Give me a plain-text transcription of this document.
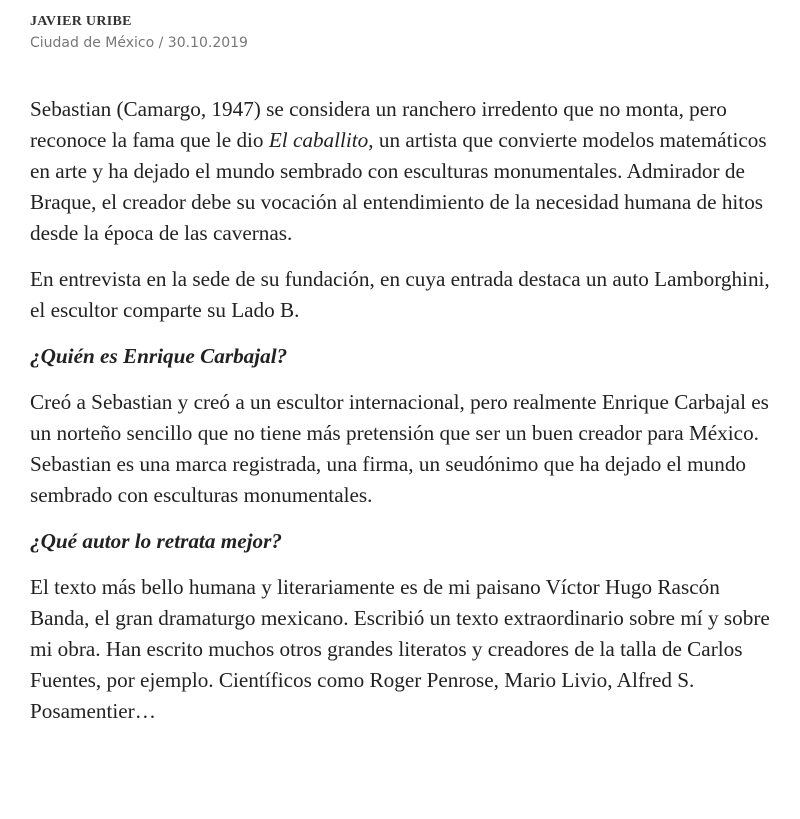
JAVIER URIBE
Ciudad de México / 30.10.2019

Sebastian (Camargo, 1947) se considera un ranchero irredento que no monta, pero reconoce la fama que le dio El caballito, un artista que convierte modelos matemáticos en arte y ha dejado el mundo sembrado con esculturas monumentales. Admirador de Braque, el creador debe su vocación al entendimiento de la necesidad humana de hitos desde la época de las cavernas.

En entrevista en la sede de su fundación, en cuya entrada destaca un auto Lamborghini, el escultor comparte su Lado B.

¿Quién es Enrique Carbajal?

Creó a Sebastian y creó a un escultor internacional, pero realmente Enrique Carbajal es un norteño sencillo que no tiene más pretensión que ser un buen creador para México. Sebastian es una marca registrada, una firma, un seudónimo que ha dejado el mundo sembrado con esculturas monumentales.

¿Qué autor lo retrata mejor?

El texto más bello humana y literariamente es de mi paisano Víctor Hugo Rascón Banda, el gran dramaturgo mexicano. Escribió un texto extraordinario sobre mí y sobre mi obra. Han escrito muchos otros grandes literatos y creadores de la talla de Carlos Fuentes, por ejemplo. Científicos como Roger Penrose, Mario Livio, Alfred S. Posamentier…
